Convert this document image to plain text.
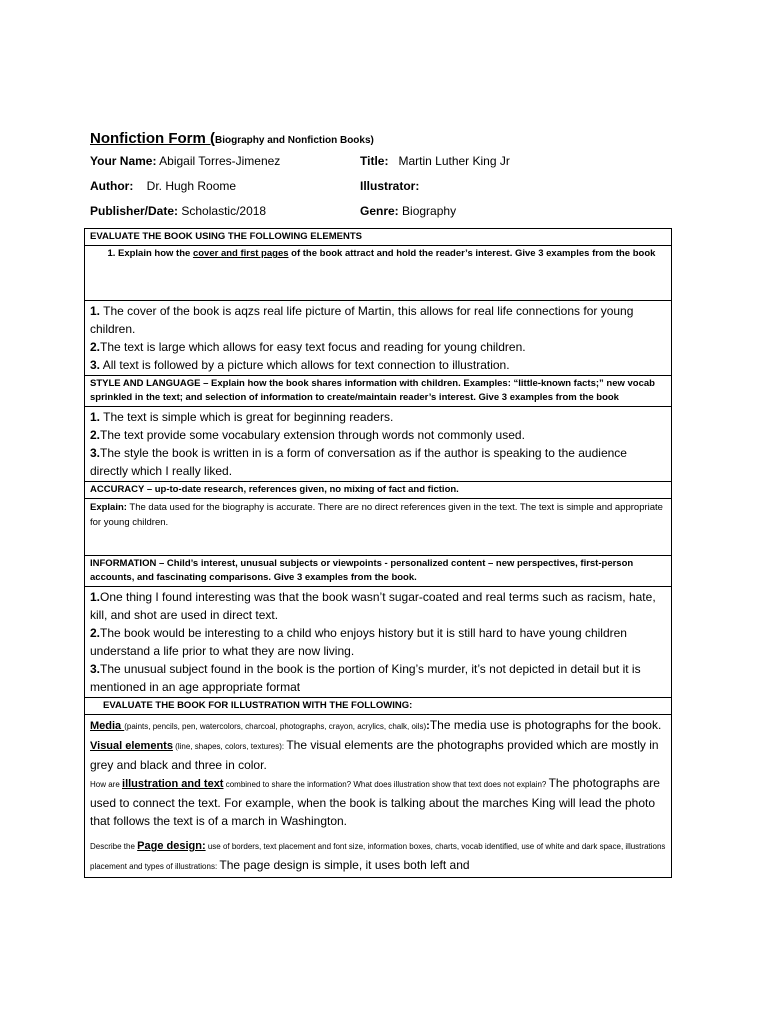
Nonfiction Form (Biography and Nonfiction Books)
Your Name: Abigail Torres-Jimenez	Title: Martin Luther King Jr
Author: Dr. Hugh Roome	Illustrator:
Publisher/Date: Scholastic/2018	Genre: Biography
EVALUATE THE BOOK USING THE FOLLOWING ELEMENTS

1. Explain how the cover and first pages of the book attract and hold the reader’s interest. Give 3 examples from the book

1. The cover of the book is aqzs real life picture of Martin, this allows for real life connections for young children.
2.The text is large which allows for easy text focus and reading for young children.
3. All text is followed by a picture which allows for text connection to illustration.

STYLE AND LANGUAGE – Explain how the book shares information with children. Examples: “little-known facts;” new vocab sprinkled in the text; and selection of information to create/maintain reader’s interest. Give 3 examples from the book

1. The text is simple which is great for beginning readers.
2.The text provide some vocabulary extension through words not commonly used.
3.The style the book is written in is a form of conversation as if the author is speaking to the audience directly which I really liked.

ACCURACY – up-to-date research, references given, no mixing of fact and fiction.
Explain: The data used for the biography is accurate. There are no direct references given in the text. The text is simple and appropriate for young children.
INFORMATION – Child’s interest, unusual subjects or viewpoints - personalized content – new perspectives, first-person accounts, and fascinating comparisons. Give 3 examples from the book.

1.One thing I found interesting was that the book wasn’t sugar-coated and real terms such as racism, hate, kill, and shot are used in direct text.
2.The book would be interesting to a child who enjoys history but it is still hard to have young children understand a life prior to what they are now living.
3.The unusual subject found in the book is the portion of King’s murder, it’s not depicted in detail but it is mentioned in an age appropriate format

EVALUATE THE BOOK FOR ILLUSTRATION WITH THE FOLLOWING:

Media (paints, pencils, pen, watercolors, charcoal, photographs, crayon, acrylics, chalk, oils):The media use is photographs for the book.

Visual elements (line, shapes, colors, textures): The visual elements are the photographs provided which are mostly in grey and black and three in color.

How are illustration and text combined to share the information? What does illustration show that text does not explain? The photographs are used to connect the text. For example, when the book is talking about the marches King will lead the photo that follows the text is of a march in Washington.

Describe the Page design: use of borders, text placement and font size, information boxes, charts, vocab identified, use of white and dark space, illustrations placement and types of illustrations: The page design is simple, it uses both left and
